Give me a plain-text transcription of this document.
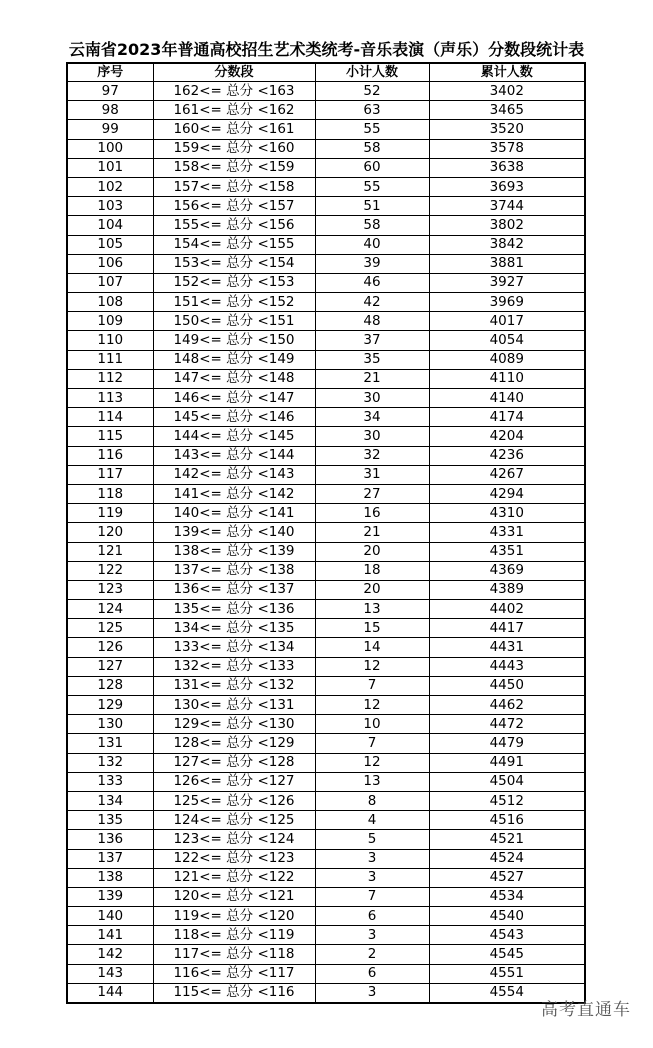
云南省2023年普通高校招生艺术类统考-音乐表演（声乐）分数段统计表
序号	分数段	小计人数	累计人数
97	162<= 总分 <163	52	3402
98	161<= 总分 <162	63	3465
99	160<= 总分 <161	55	3520
100	159<= 总分 <160	58	3578
101	158<= 总分 <159	60	3638
102	157<= 总分 <158	55	3693
103	156<= 总分 <157	51	3744
104	155<= 总分 <156	58	3802
105	154<= 总分 <155	40	3842
106	153<= 总分 <154	39	3881
107	152<= 总分 <153	46	3927
108	151<= 总分 <152	42	3969
109	150<= 总分 <151	48	4017
110	149<= 总分 <150	37	4054
111	148<= 总分 <149	35	4089
112	147<= 总分 <148	21	4110
113	146<= 总分 <147	30	4140
114	145<= 总分 <146	34	4174
115	144<= 总分 <145	30	4204
116	143<= 总分 <144	32	4236
117	142<= 总分 <143	31	4267
118	141<= 总分 <142	27	4294
119	140<= 总分 <141	16	4310
120	139<= 总分 <140	21	4331
121	138<= 总分 <139	20	4351
122	137<= 总分 <138	18	4369
123	136<= 总分 <137	20	4389
124	135<= 总分 <136	13	4402
125	134<= 总分 <135	15	4417
126	133<= 总分 <134	14	4431
127	132<= 总分 <133	12	4443
128	131<= 总分 <132	7	4450
129	130<= 总分 <131	12	4462
130	129<= 总分 <130	10	4472
131	128<= 总分 <129	7	4479
132	127<= 总分 <128	12	4491
133	126<= 总分 <127	13	4504
134	125<= 总分 <126	8	4512
135	124<= 总分 <125	4	4516
136	123<= 总分 <124	5	4521
137	122<= 总分 <123	3	4524
138	121<= 总分 <122	3	4527
139	120<= 总分 <121	7	4534
140	119<= 总分 <120	6	4540
141	118<= 总分 <119	3	4543
142	117<= 总分 <118	2	4545
143	116<= 总分 <117	6	4551
144	115<= 总分 <116	3	4554
高考直通车
